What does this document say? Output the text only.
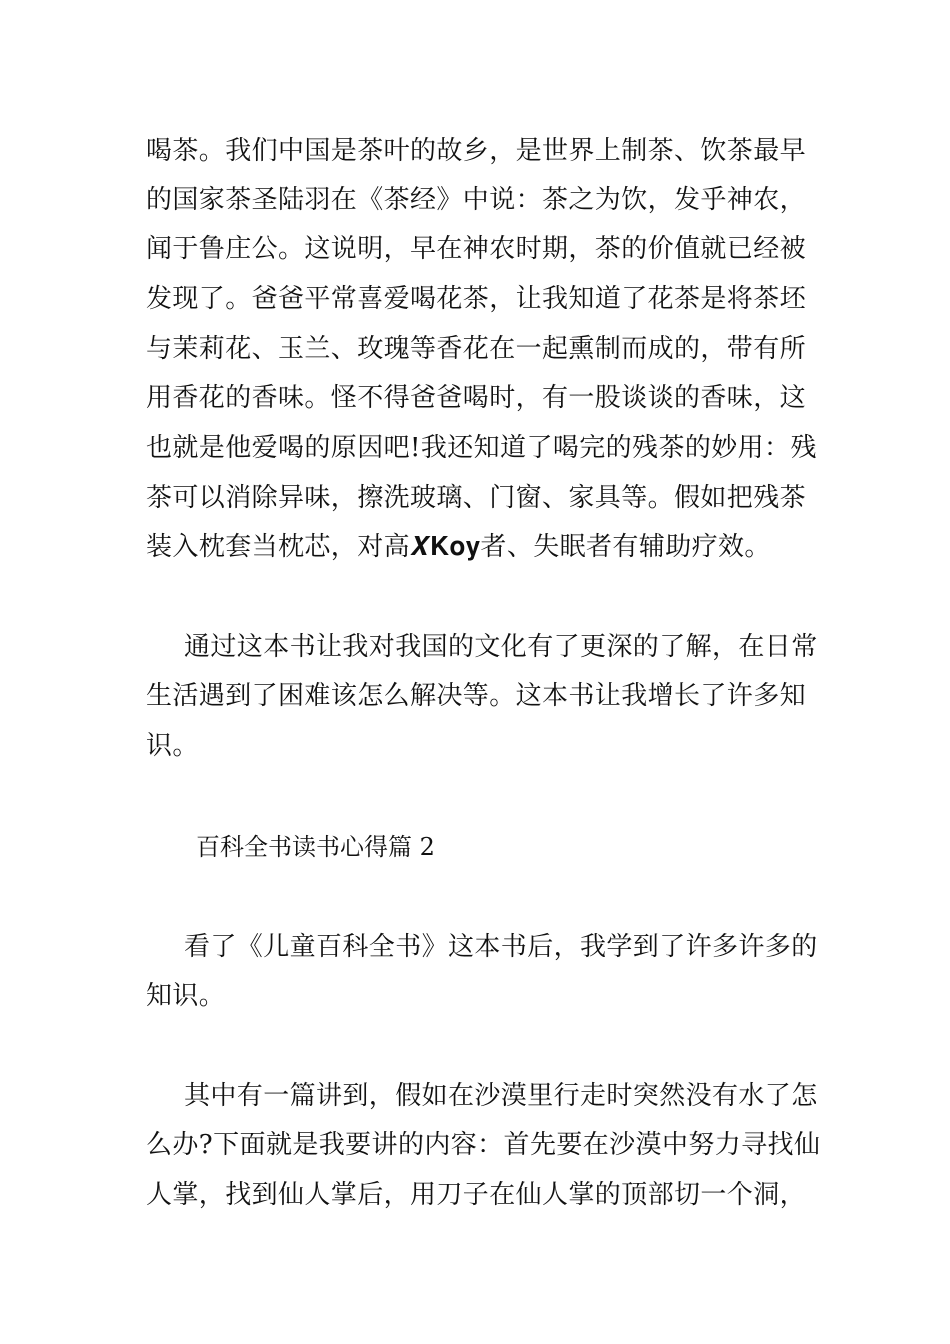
喝茶。我们中国是茶叶的故乡，是世界上制茶、饮茶最早
的国家茶圣陆羽在《茶经》中说：茶之为饮，发乎神农，
闻于鲁庄公。这说明，早在神农时期，茶的价值就已经被
发现了。爸爸平常喜爱喝花茶，让我知道了花茶是将茶坯
与茉莉花、玉兰、玫瑰等香花在一起熏制而成的，带有所
用香花的香味。怪不得爸爸喝时，有一股谈谈的香味，这
也就是他爱喝的原因吧!我还知道了喝完的残茶的妙用：残
茶可以消除异味，擦洗玻璃、门窗、家具等。假如把残茶
装入枕套当枕芯，对高𝑿𝐊𝐨𝐲者、失眠者有辅助疗效。
通过这本书让我对我国的文化有了更深的了解，在日常
生活遇到了困难该怎么解决等。这本书让我增长了许多知
识。
百科全书读书心得篇 2
看了《儿童百科全书》这本书后，我学到了许多许多的
知识。
其中有一篇讲到，假如在沙漠里行走时突然没有水了怎
么办?下面就是我要讲的内容：首先要在沙漠中努力寻找仙
人掌，找到仙人掌后，用刀子在仙人掌的顶部切一个洞，
